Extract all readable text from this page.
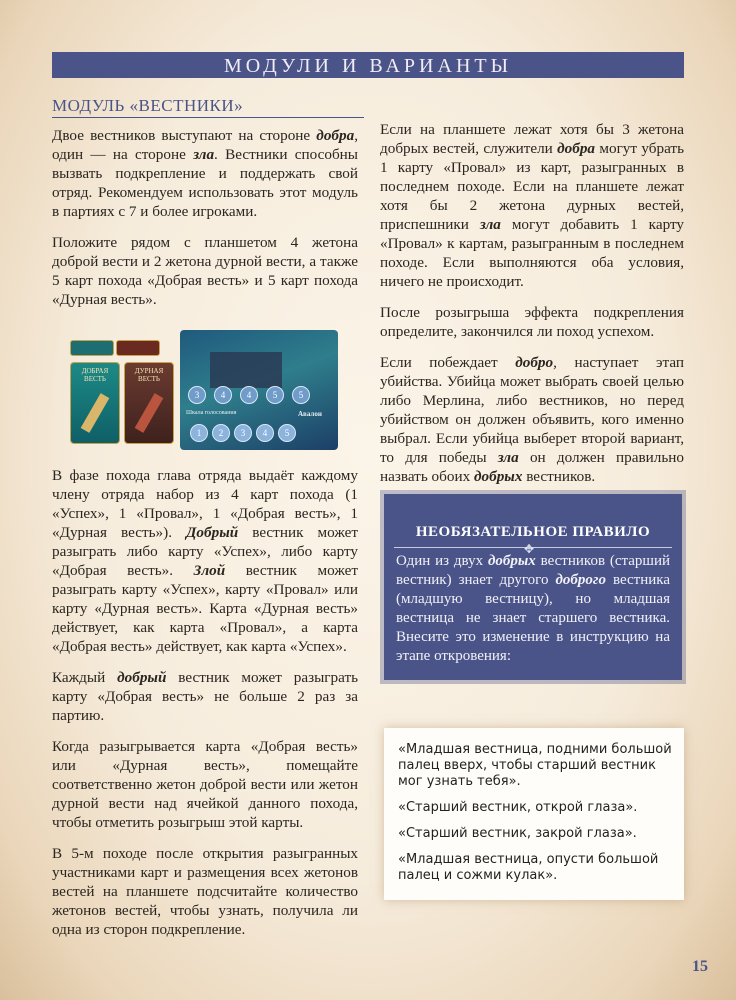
МОДУЛИ И ВАРИАНТЫ
МОДУЛЬ «ВЕСТНИКИ»

Двое вестников выступают на стороне добра, один — на стороне зла. Вестники способны вызвать подкрепление и поддержать свой отряд. Рекомендуем использовать этот модуль в партиях с 7 и более игроками.

Положите рядом с планшетом 4 жетона доброй вести и 2 жетона дурной вести, а также 5 карт похода «Добрая весть» и 5 карт похода «Дурная весть».

ДОБРАЯ ВЕСТЬ
ДУРНАЯ ВЕСТЬ
3	4	4	5	5
Шкала голосования	Авалон
1	2	3	4	5

В фазе похода глава отряда выдаёт каждому члену отряда набор из 4 карт похода (1 «Успех», 1 «Провал», 1 «Добрая весть», 1 «Дурная весть»). Добрый вестник может разыграть либо карту «Успех», либо карту «Добрая весть». Злой вестник может разыграть карту «Успех», карту «Провал» или карту «Дурная весть». Карта «Дурная весть» действует, как карта «Провал», а карта «Добрая весть» действует, как карта «Успех».

Каждый добрый вестник может разыграть карту «Добрая весть» не больше 2 раз за партию.

Когда разыгрывается карта «Добрая весть» или «Дурная весть», помещайте соответственно жетон доброй вести или жетон дурной вести над ячейкой данного похода, чтобы отметить розыгрыш этой карты.

В 5-м походе после открытия разыгранных участниками карт и размещения всех жетонов вестей на планшете подсчитайте количество жетонов вестей, чтобы узнать, получила ли одна из сторон подкрепление.

Если на планшете лежат хотя бы 3 жетона добрых вестей, служители добра могут убрать 1 карту «Провал» из карт, разыгранных в последнем походе. Если на планшете лежат хотя бы 2 жетона дурных вестей, приспешники зла могут добавить 1 карту «Провал» к картам, разыгранным в последнем походе. Если выполняются оба условия, ничего не происходит.

После розыгрыша эффекта подкрепления определите, закончился ли поход успехом.

Если побеждает добро, наступает этап убийства. Убийца может выбрать своей целью либо Мерлина, либо вестников, но перед убийством он должен объявить, кого именно выбрал. Если убийца выберет второй вариант, то для победы зла он должен правильно назвать обоих добрых вестников.

НЕОБЯЗАТЕЛЬНОЕ ПРАВИЛО
✥
Один из двух добрых вестников (старший вестник) знает другого доброго вестника (младшую вестницу), но младшая вестница не знает старшего вестника. Внесите это изменение в инструкцию на этапе откровения:

«Младшая вестница, подними большой палец вверх, чтобы старший вестник мог узнать тебя».

«Старший вестник, открой глаза».

«Старший вестник, закрой глаза».

«Младшая вестница, опусти большой палец и сожми кулак».

15
